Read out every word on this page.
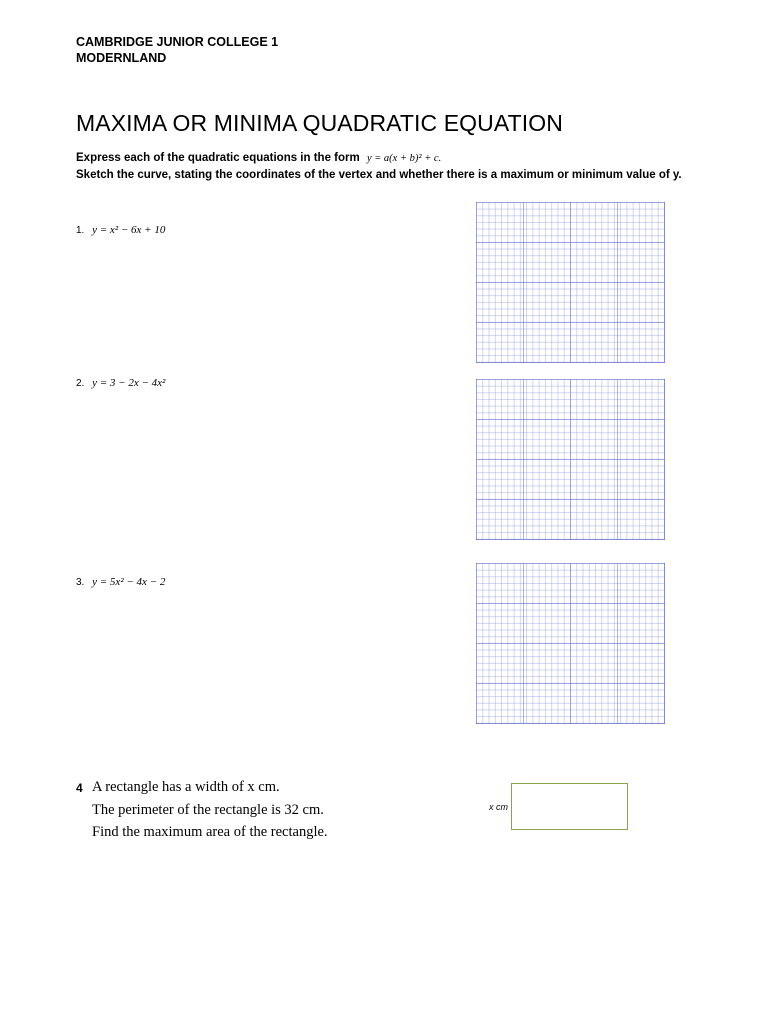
CAMBRIDGE JUNIOR COLLEGE 1
MODERNLAND
MAXIMA OR MINIMA QUADRATIC EQUATION
Express each of the quadratic equations in the form y = a(x + b)² + c.
Sketch the curve, stating the coordinates of the vertex and whether there is a maximum or minimum value of y.
1. y = x² − 6x + 10
2. y = 3 − 2x − 4x²
3. y = 5x² − 4x − 2
4 A rectangle has a width of x cm.
The perimeter of the rectangle is 32 cm.
Find the maximum area of the rectangle.
x cm
